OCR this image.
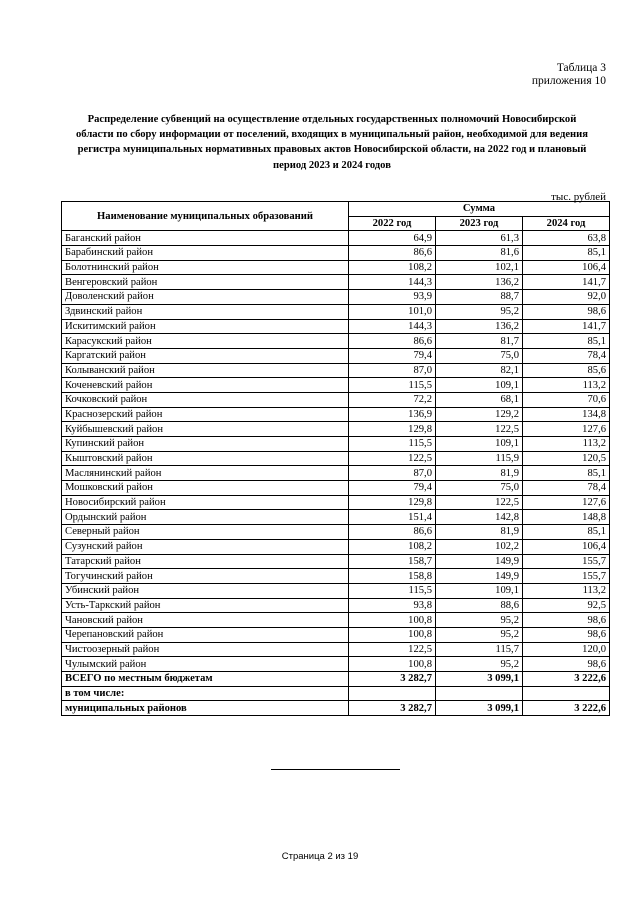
Таблица 3
приложения 10
Распределение субвенций на осуществление отдельных государственных полномочий Новосибирской области по сбору информации от поселений, входящих в муниципальный район, необходимой для ведения регистра муниципальных нормативных правовых актов Новосибирской области, на 2022 год и плановый период 2023 и 2024 годов
тыс. рублей
Наименование муниципальных образований	Сумма		
	2022 год	2023 год	2024 год
Баганский район	64,9	61,3	63,8
Барабинский район	86,6	81,6	85,1
Болотнинский район	108,2	102,1	106,4
Венгеровский район	144,3	136,2	141,7
Доволенский район	93,9	88,7	92,0
Здвинский район	101,0	95,2	98,6
Искитимский район	144,3	136,2	141,7
Карасукский район	86,6	81,7	85,1
Каргатский район	79,4	75,0	78,4
Колыванский район	87,0	82,1	85,6
Коченевский район	115,5	109,1	113,2
Кочковский район	72,2	68,1	70,6
Краснозерский район	136,9	129,2	134,8
Куйбышевский район	129,8	122,5	127,6
Купинский район	115,5	109,1	113,2
Кыштовский район	122,5	115,9	120,5
Маслянинский район	87,0	81,9	85,1
Мошковский район	79,4	75,0	78,4
Новосибирский район	129,8	122,5	127,6
Ордынский район	151,4	142,8	148,8
Северный район	86,6	81,9	85,1
Сузунский район	108,2	102,2	106,4
Татарский район	158,7	149,9	155,7
Тогучинский район	158,8	149,9	155,7
Убинский район	115,5	109,1	113,2
Усть-Таркский район	93,8	88,6	92,5
Чановский район	100,8	95,2	98,6
Черепановский район	100,8	95,2	98,6
Чистоозерный район	122,5	115,7	120,0
Чулымский район	100,8	95,2	98,6
ВСЕГО по местным бюджетам	3 282,7	3 099,1	3 222,6
в том числе:			
муниципальных районов	3 282,7	3 099,1	3 222,6
Страница 2 из 19
